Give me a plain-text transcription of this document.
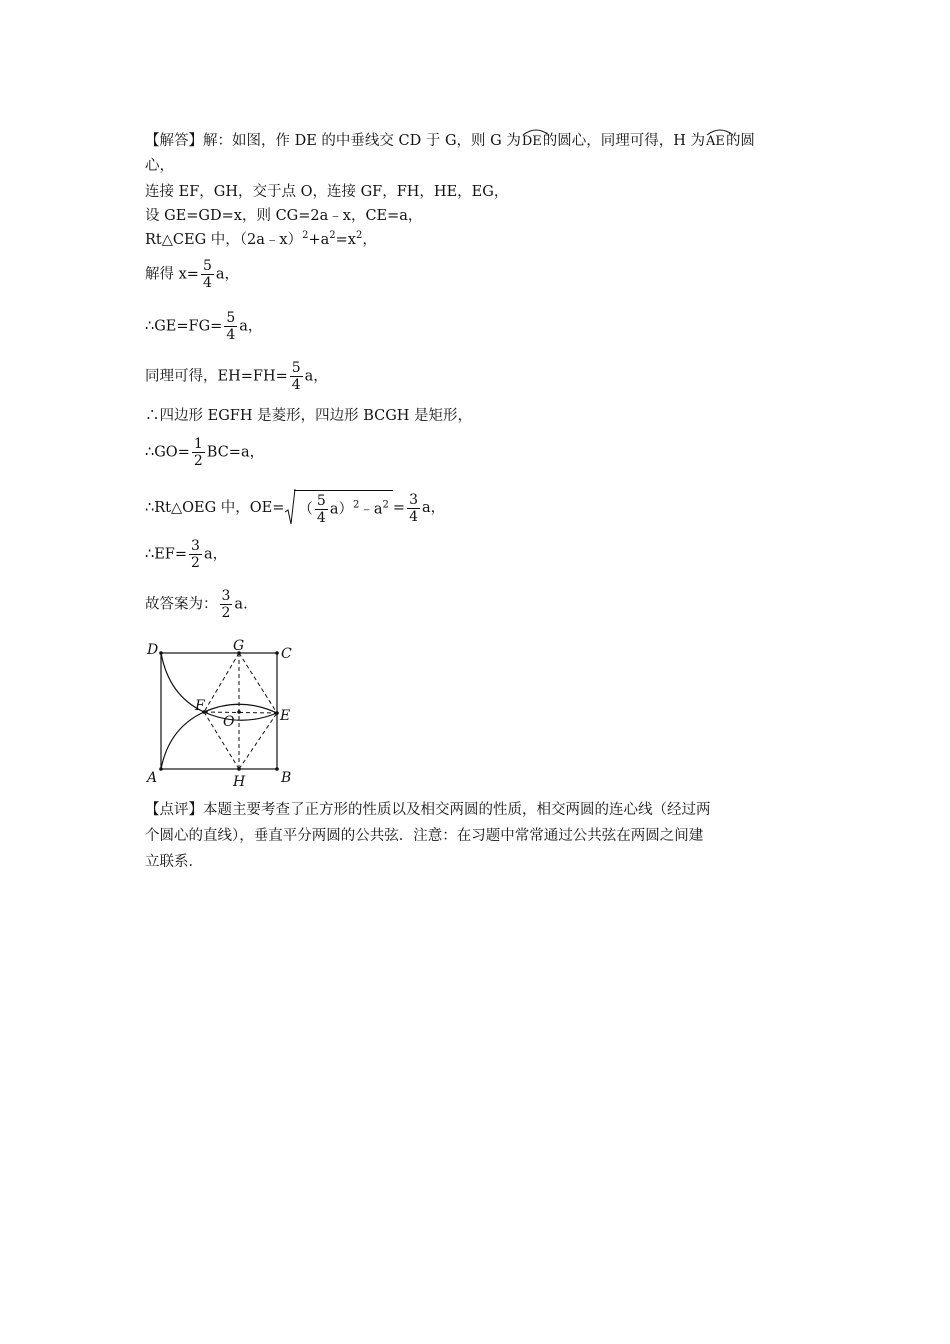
【解答】解：如图，作 DE 的中垂线交 CD 于 G，则 G 为
DE的圆心，同理可得，H 为
AE的圆
心，
连接 EF，GH，交于点 O，连接 GF，FH，HE，EG，
设 GE=GD=x，则 CG=2a﹣x，CE=a，
Rt△CEG 中，$(2a﹣x)^2+a^2=x^2$，
解得 $x= \frac{5}{4}$ a，
∴GE=FG= $\frac{5}{4}$ a，
同理可得，$EH=FH= \frac{5}{4}$ a，
∴四边形 EGFH 是菱形，四边形 BCGH 是矩形，
∴GO= $\frac{1}{2} BC=a$，
∴Rt△OEG 中，OE= （ $\frac{5}{4}$ $a)^2﹣a^2 = \frac{3}{4}$ a，
∴EF= $\frac{3}{2}$ a，
故答案为： $\frac{3}{2} a$.
D	G	C
F
O	E
A	H	B
【点评】本题主要考查了正方形的性质以及相交两圆的性质，相交两圆的连心线（经过两
个圆心的直线），垂直平分两圆的公共弦．注意：在习题中常常通过公共弦在两圆之间建
立联系．
